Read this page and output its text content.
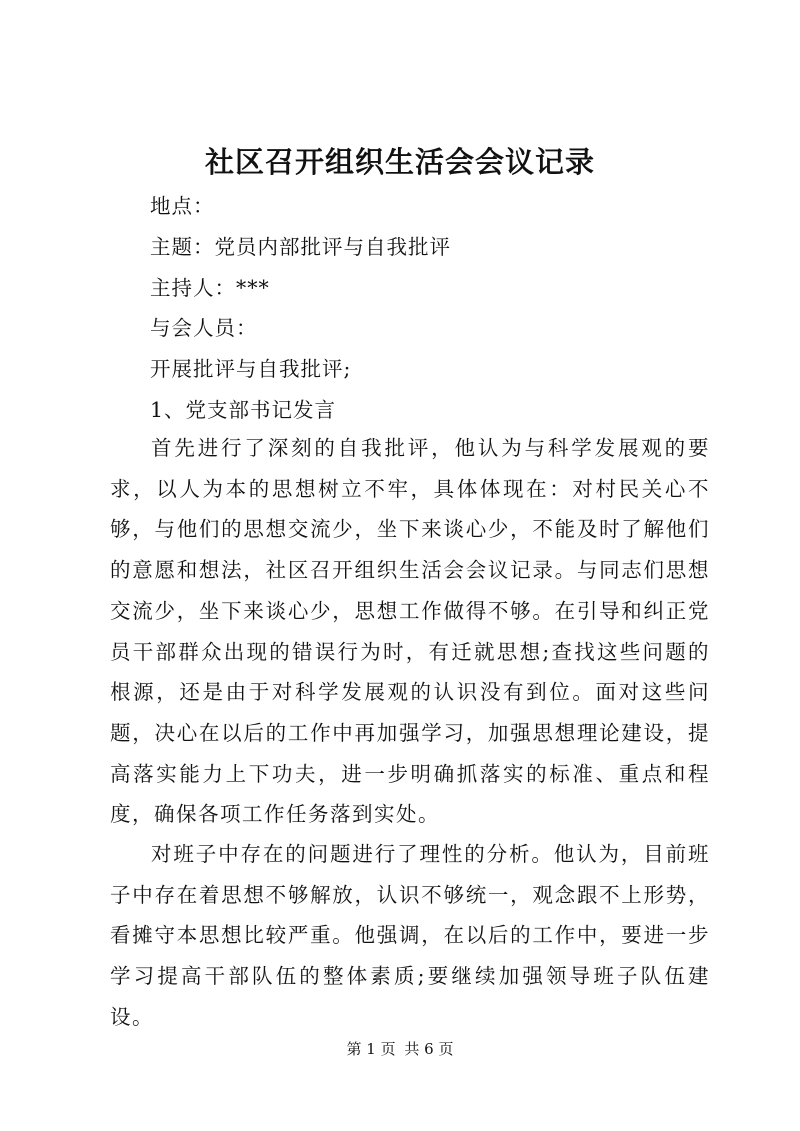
社区召开组织生活会会议记录
地点：
主题：党员内部批评与自我批评
主持人：***
与会人员：
开展批评与自我批评;
1、党支部书记发言

首先进行了深刻的自我批评，他认为与科学发展观的要求，以人为本的思想树立不牢，具体体现在：对村民关心不够，与他们的思想交流少，坐下来谈心少，不能及时了解他们的意愿和想法，社区召开组织生活会会议记录。与同志们思想交流少，坐下来谈心少，思想工作做得不够。在引导和纠正党员干部群众出现的错误行为时，有迁就思想;查找这些问题的根源，还是由于对科学发展观的认识没有到位。面对这些问题，决心在以后的工作中再加强学习，加强思想理论建设，提高落实能力上下功夫，进一步明确抓落实的标准、重点和程度，确保各项工作任务落到实处。

对班子中存在的问题进行了理性的分析。他认为，目前班子中存在着思想不够解放，认识不够统一，观念跟不上形势，看摊守本思想比较严重。他强调，在以后的工作中，要进一步学习提高干部队伍的整体素质;要继续加强领导班子队伍建设。

第 1 页 共 6 页
